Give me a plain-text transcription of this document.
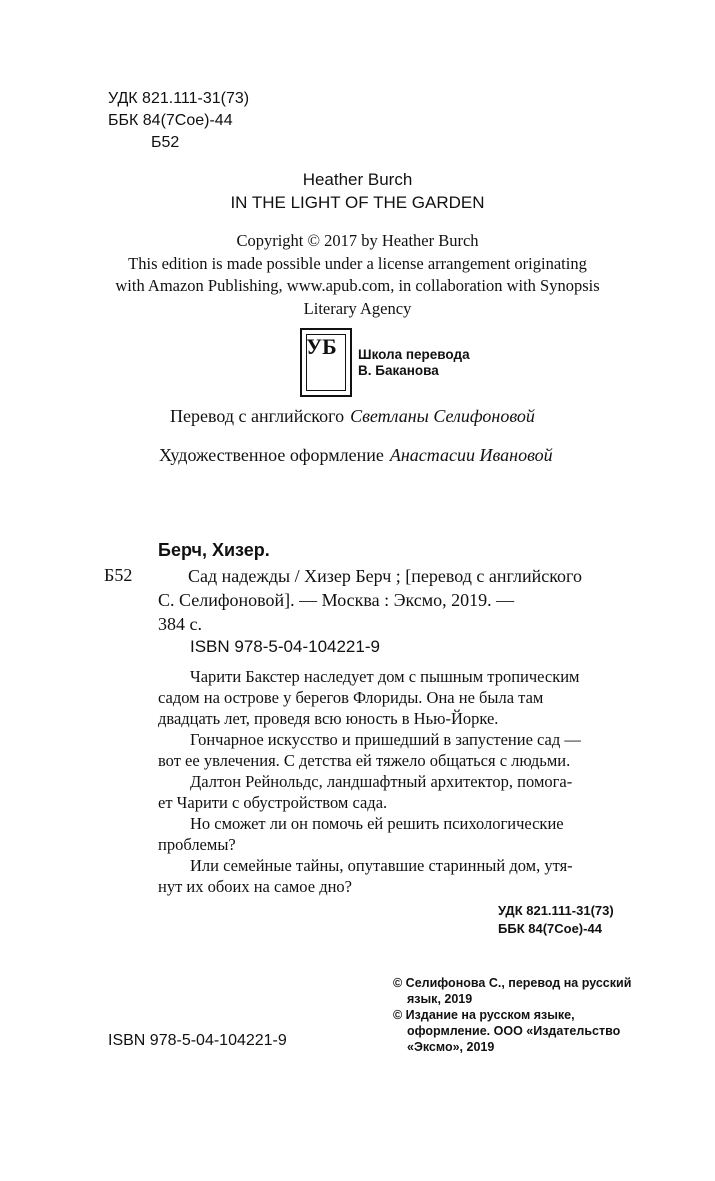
УДК 821.111-31(73)
ББК 84(7Сое)-44
Б52
Heather Burch
IN THE LIGHT OF THE GARDEN
Copyright © 2017 by Heather Burch
This edition is made possible under a license arrangement originating
with Amazon Publishing, www.apub.com, in collaboration with Synopsis
Literary Agency
УБ Школа перевода
В. Баканова
Перевод с английского Светланы Селифоновой
Художественное оформление Анастасии Ивановой
Берч, Хизер.
Б52	Сад надежды / Хизер Берч ; [перевод с английского
С. Селифоновой]. — Москва : Эксмо, 2019. —
384 с.
ISBN 978-5-04-104221-9
Чарити Бакстер наследует дом с пышным тропическим
садом на острове у берегов Флориды. Она не была там
двадцать лет, проведя всю юность в Нью-Йорке.
Гончарное искусство и пришедший в запустение сад —
вот ее увлечения. С детства ей тяжело общаться с людьми.
Далтон Рейнольдс, ландшафтный архитектор, помога-
ет Чарити с обустройством сада.
Но сможет ли он помочь ей решить психологические
проблемы?
Или семейные тайны, опутавшие старинный дом, утя-
нут их обоих на самое дно?
УДК 821.111-31(73)
ББК 84(7Сое)-44
© Селифонова С., перевод на русский
язык, 2019
© Издание на русском языке,
оформление. ООО «Издательство
«Эксмо», 2019
ISBN 978-5-04-104221-9
